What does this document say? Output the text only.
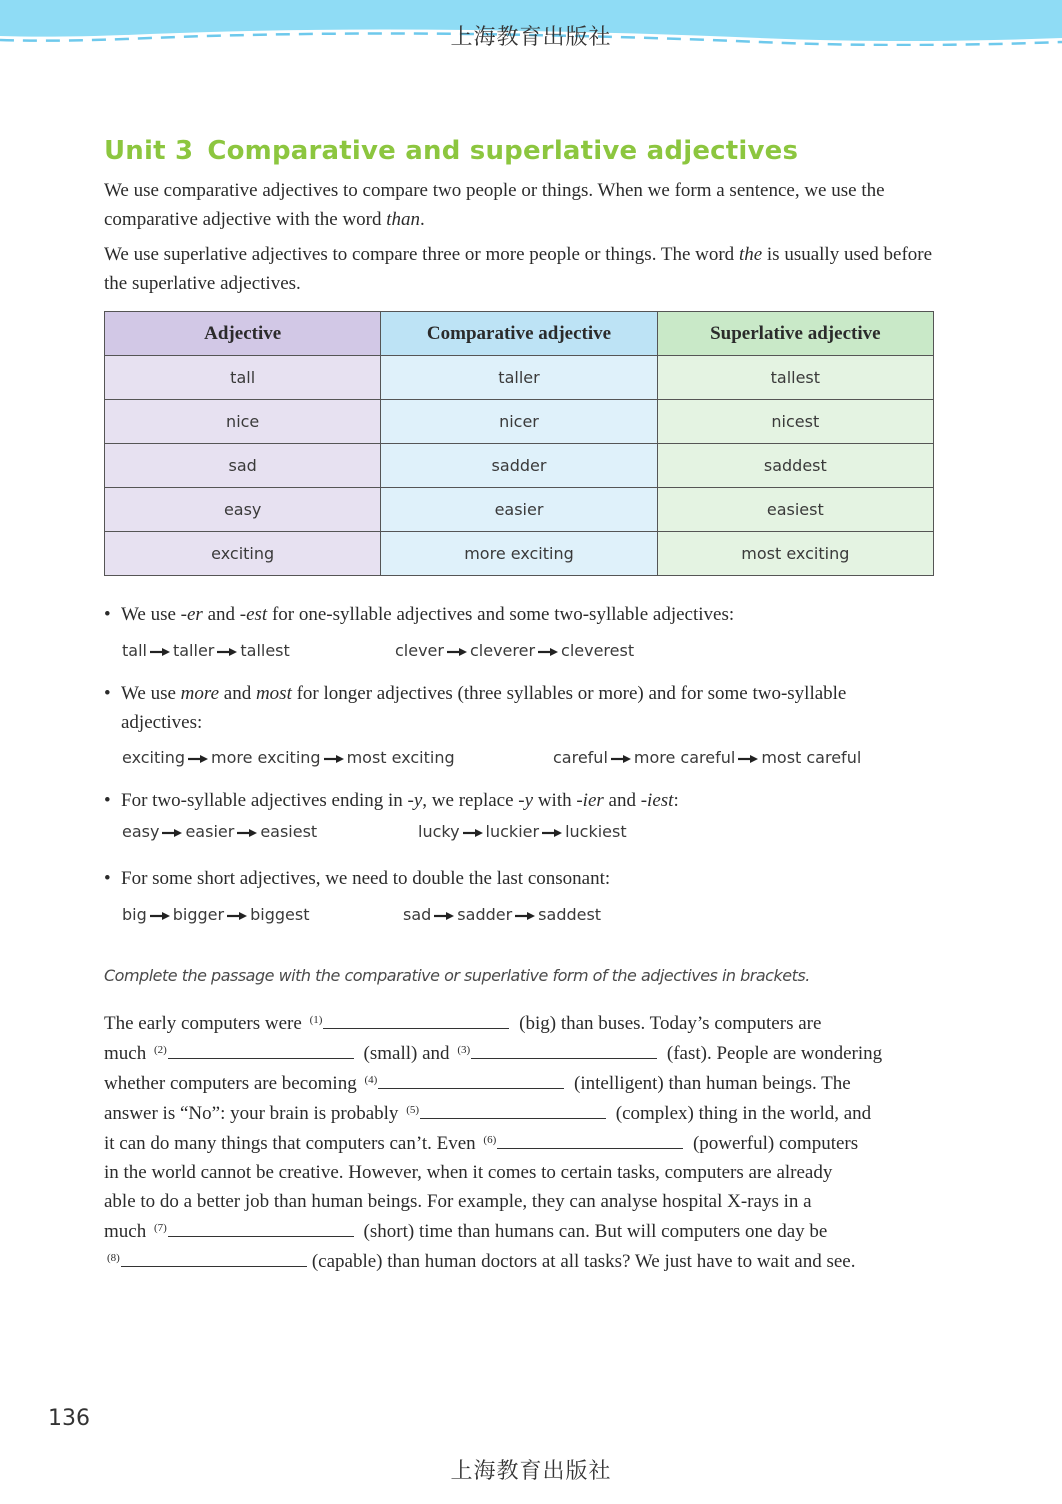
上海教育出版社
Unit 3 Comparative and superlative adjectives

We use comparative adjectives to compare two people or things. When we form a sentence, we use the comparative adjective with the word than.

We use superlative adjectives to compare three or more people or things. The word the is usually used before the superlative adjectives.

Adjective	Comparative adjective	Superlative adjective
tall	taller	tallest
nice	nicer	nicest
sad	sadder	saddest
easy	easier	easiest
exciting	more exciting	most exciting
• We use -er and -est for one-syllable adjectives and some two-syllable adjectives:
tall taller tallest	clever cleverer cleverest
• We use more and most for longer adjectives (three syllables or more) and for some two-syllable adjectives:
exciting more exciting most exciting	careful more careful most careful
• For two-syllable adjectives ending in -y, we replace -y with -ier and -iest:
easy easier easiest	lucky luckier luckiest
• For some short adjectives, we need to double the last consonant:
big bigger biggest	sad sadder saddest
Complete the passage with the comparative or superlative form of the adjectives in brackets.
The early computers were $^{(1)}$	(big) than buses. Today’s computers are
much $^{(2)}$	(small) and $^{(3)}$	(fast). People are wondering
whether computers are becoming $^{(4)}$	(intelligent) than human beings. The
answer is “No”: your brain is probably $^{(5)}$	(complex) thing in the world, and
it can do many things that computers can’t. Even $^{(6)}$	(powerful) computers
in the world cannot be creative. However, when it comes to certain tasks, computers are already
able to do a better job than human beings. For example, they can analyse hospital X-rays in a
much $^{(7)}$	(short) time than humans can. But will computers one day be
$^{(8)}$	(capable) than human doctors at all tasks? We just have to wait and see.
136
上海教育出版社
